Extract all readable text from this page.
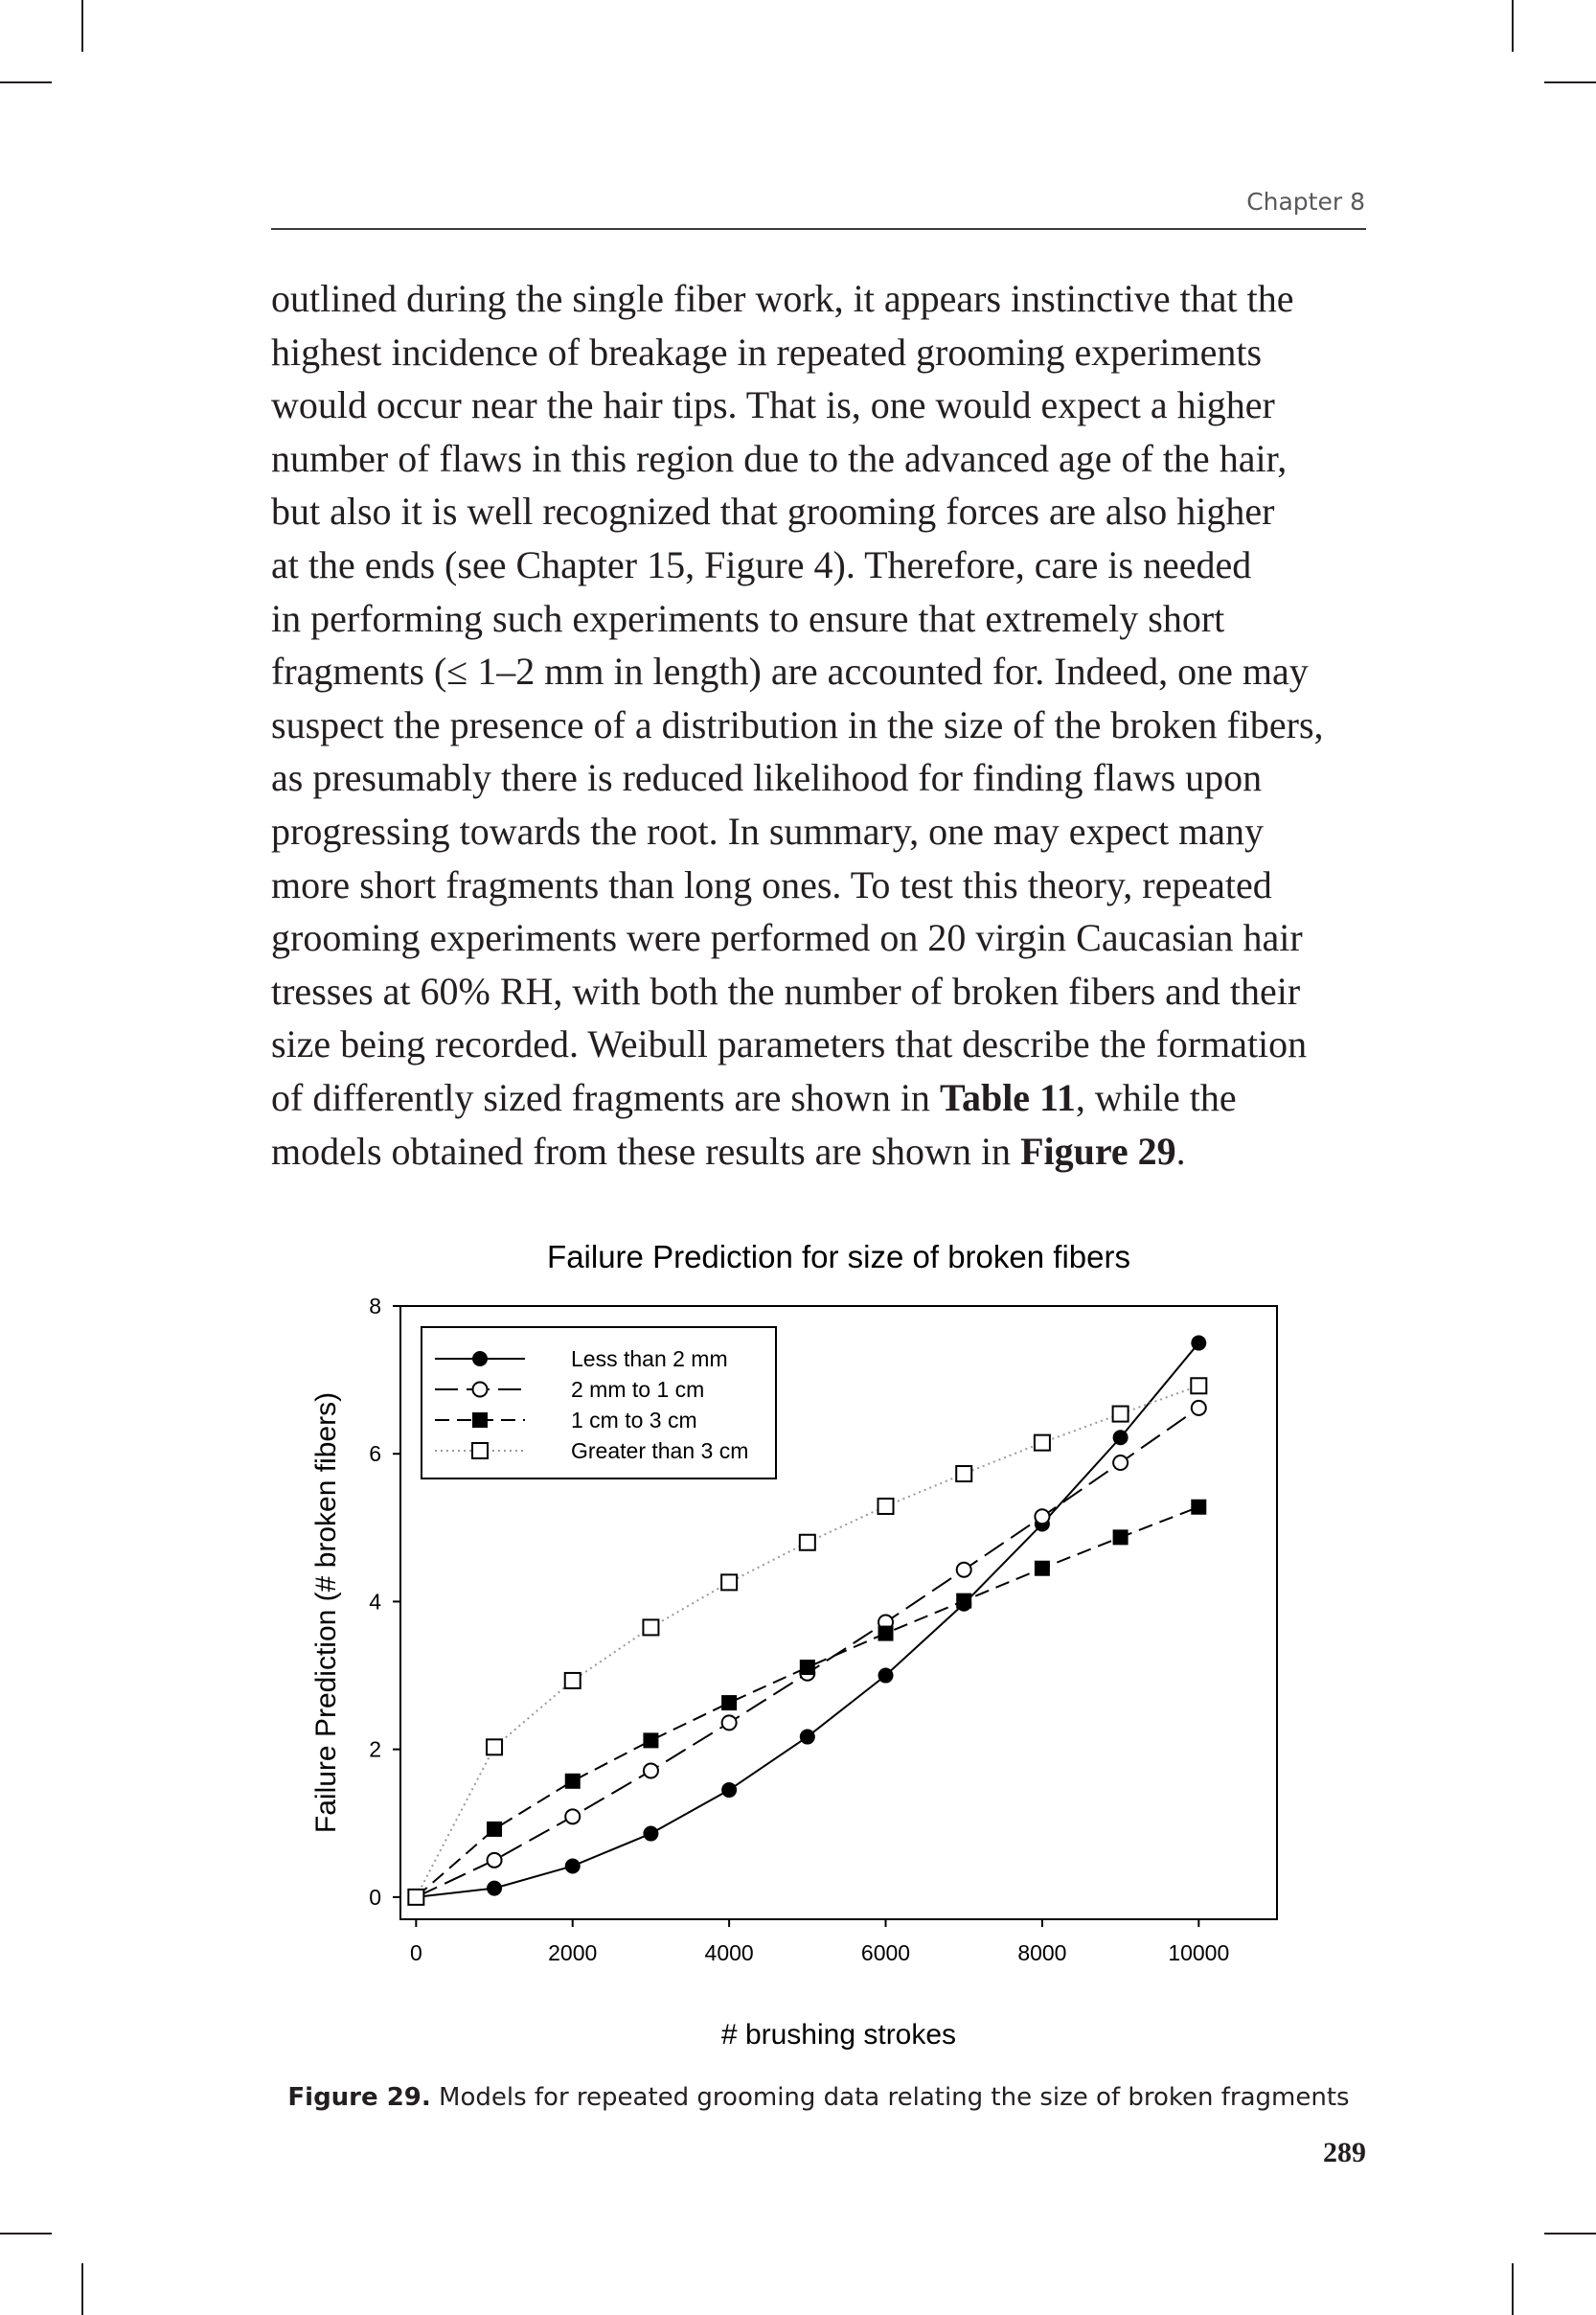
Chapter 8
outlined during the single fiber work, it appears instinctive that the
highest incidence of breakage in repeated grooming experiments
would occur near the hair tips. That is, one would expect a higher
number of flaws in this region due to the advanced age of the hair,
but also it is well recognized that grooming forces are also higher
at the ends (see Chapter 15, Figure 4). Therefore, care is needed
in performing such experiments to ensure that extremely short
fragments (≤ 1–2 mm in length) are accounted for. Indeed, one may
suspect the presence of a distribution in the size of the broken fibers,
as presumably there is reduced likelihood for finding flaws upon
progressing towards the root. In summary, one may expect many
more short fragments than long ones. To test this theory, repeated
grooming experiments were performed on 20 virgin Caucasian hair
tresses at 60% RH, with both the number of broken fibers and their
size being recorded. Weibull parameters that describe the formation
of differently sized fragments are shown in Table 11, while the
models obtained from these results are shown in Figure 29.
Failure Prediction for size of broken fibers
0
2
4
6
8
0	2000	4000	6000	8000	10000
# brushing strokes
Failure Prediction (# broken fibers)
Less than 2 mm
2 mm to 1 cm
1 cm to 3 cm
Greater than 3 cm
Figure 29. Models for repeated grooming data relating the size of broken fragments
289
